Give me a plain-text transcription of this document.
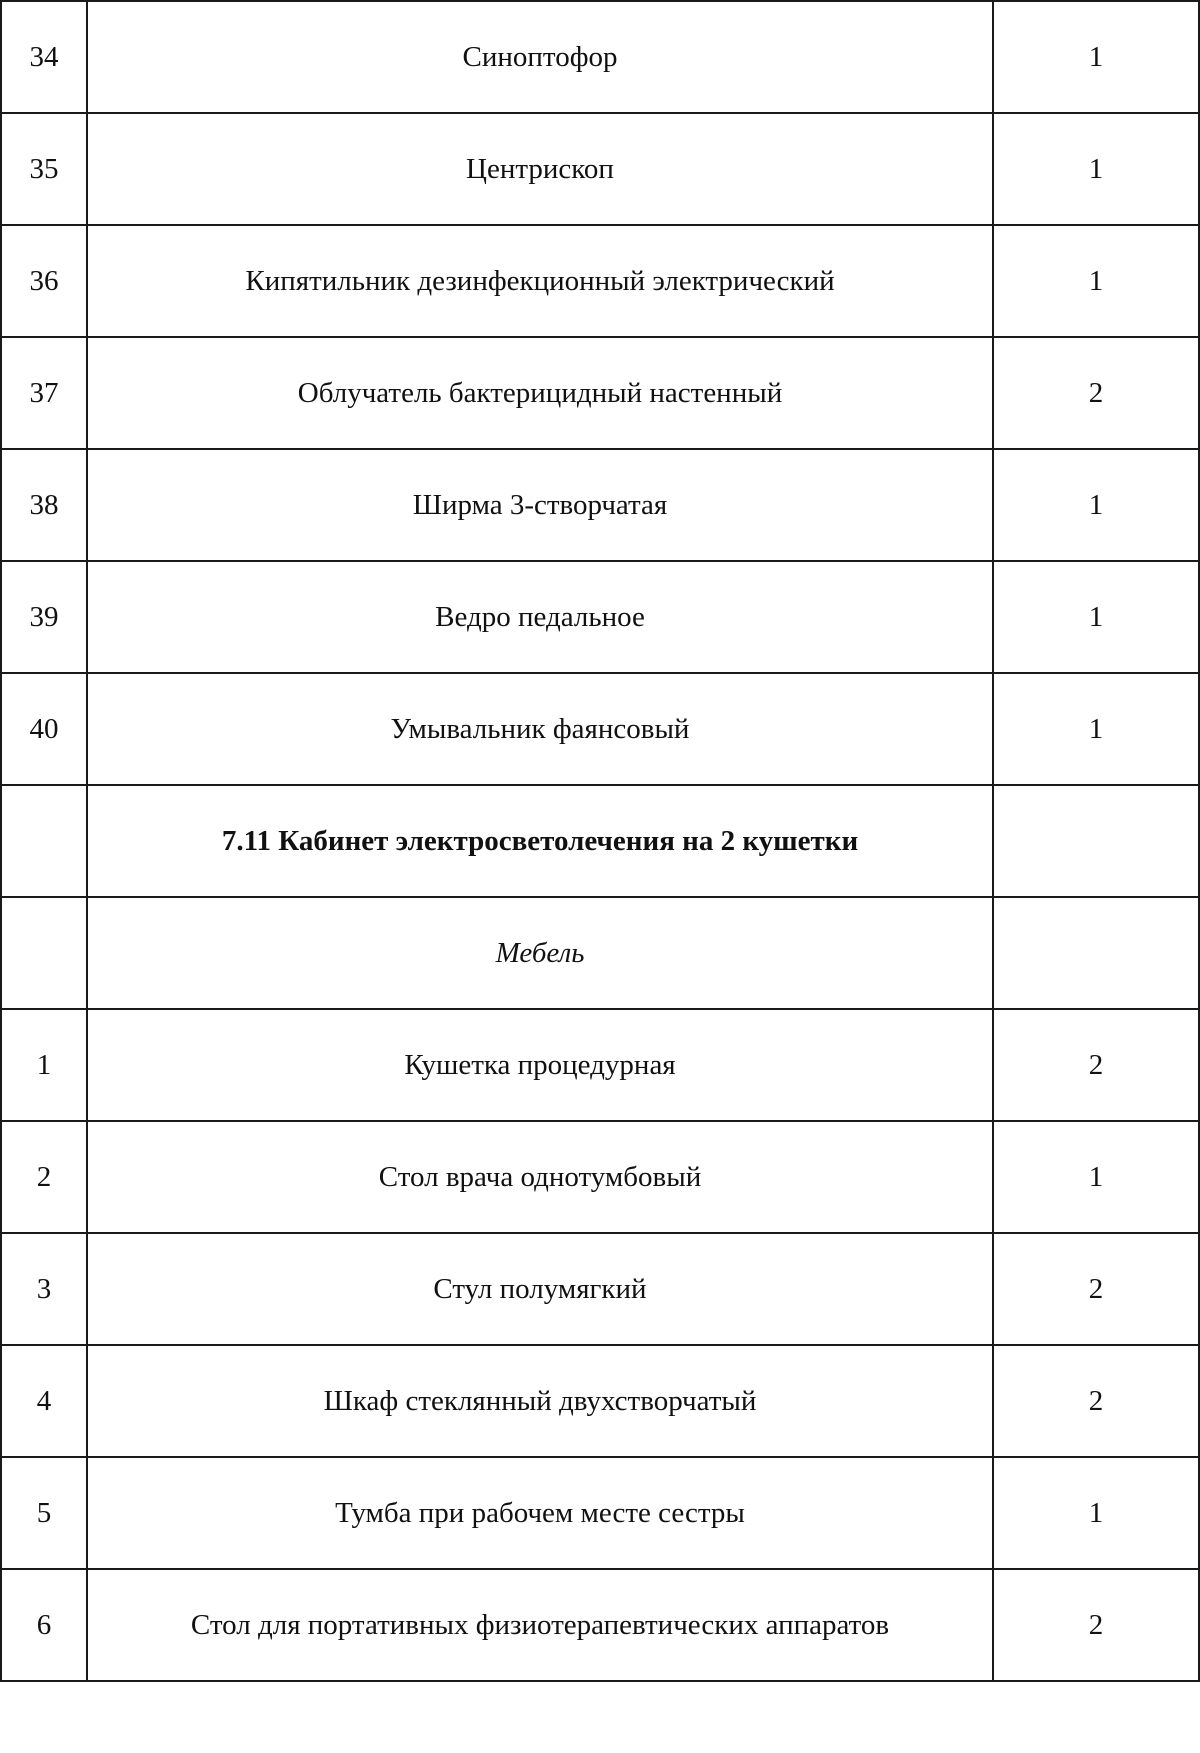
34	Синоптофор	1
35	Центрископ	1
36	Кипятильник дезинфекционный электрический	1
37	Облучатель бактерицидный настенный	2
38	Ширма 3-створчатая	1
39	Ведро педальное	1
40	Умывальник фаянсовый	1
	7.11 Кабинет электросветолечения на 2 кушетки	
	Мебель	
1	Кушетка процедурная	2
2	Стол врача однотумбовый	1
3	Стул полумягкий	2
4	Шкаф стеклянный двухстворчатый	2
5	Тумба при рабочем месте сестры	1
6	Стол для портативных физиотерапевтических аппаратов	2
